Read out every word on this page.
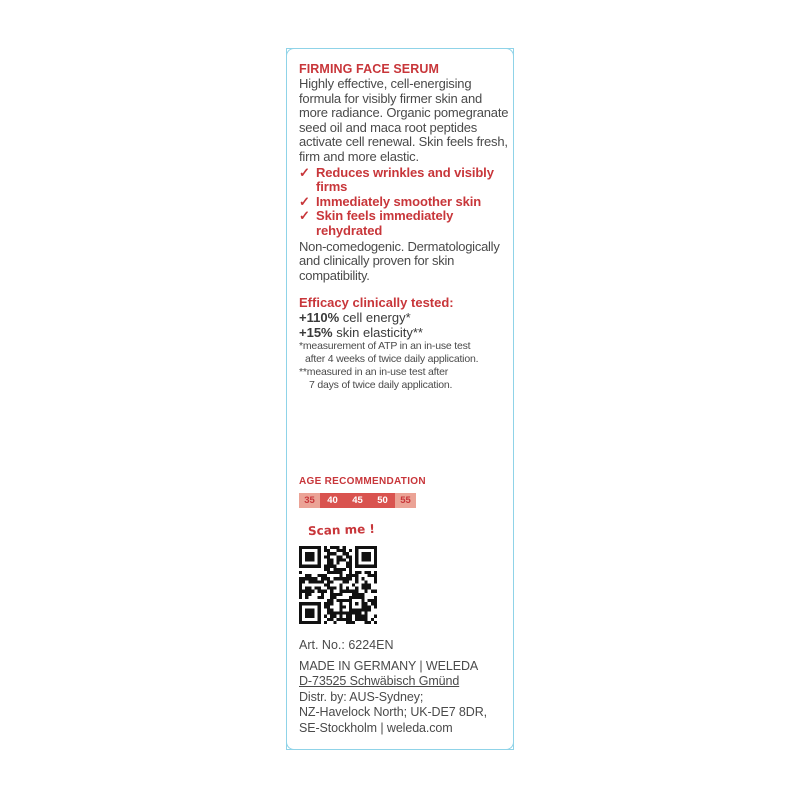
FIRMING FACE SERUM
Highly effective, cell-energising formula for visibly firmer skin and more radiance. Organic pomegranate seed oil and maca root peptides activate cell renewal. Skin feels fresh, firm and more elastic.
✓ Reduces wrinkles and visibly firms
✓ Immediately smoother skin
✓ Skin feels immediately rehydrated
Non-comedogenic. Dermatologically and clinically proven for skin compatibility.
Efficacy clinically tested:
+110% cell energy*
+15% skin elasticity**
*measurement of ATP in an in-use test
after 4 weeks of twice daily application.
**measured in an in-use test after
7 days of twice daily application.
AGE RECOMMENDATION
35	40	45	50	55
Scan me !
Art. No.: 6224EN
MADE IN GERMANY | WELEDA
D-73525 Schwäbisch Gmünd
Distr. by: AUS-Sydney;
NZ-Havelock North; UK-DE7 8DR,
SE-Stockholm | weleda.com
